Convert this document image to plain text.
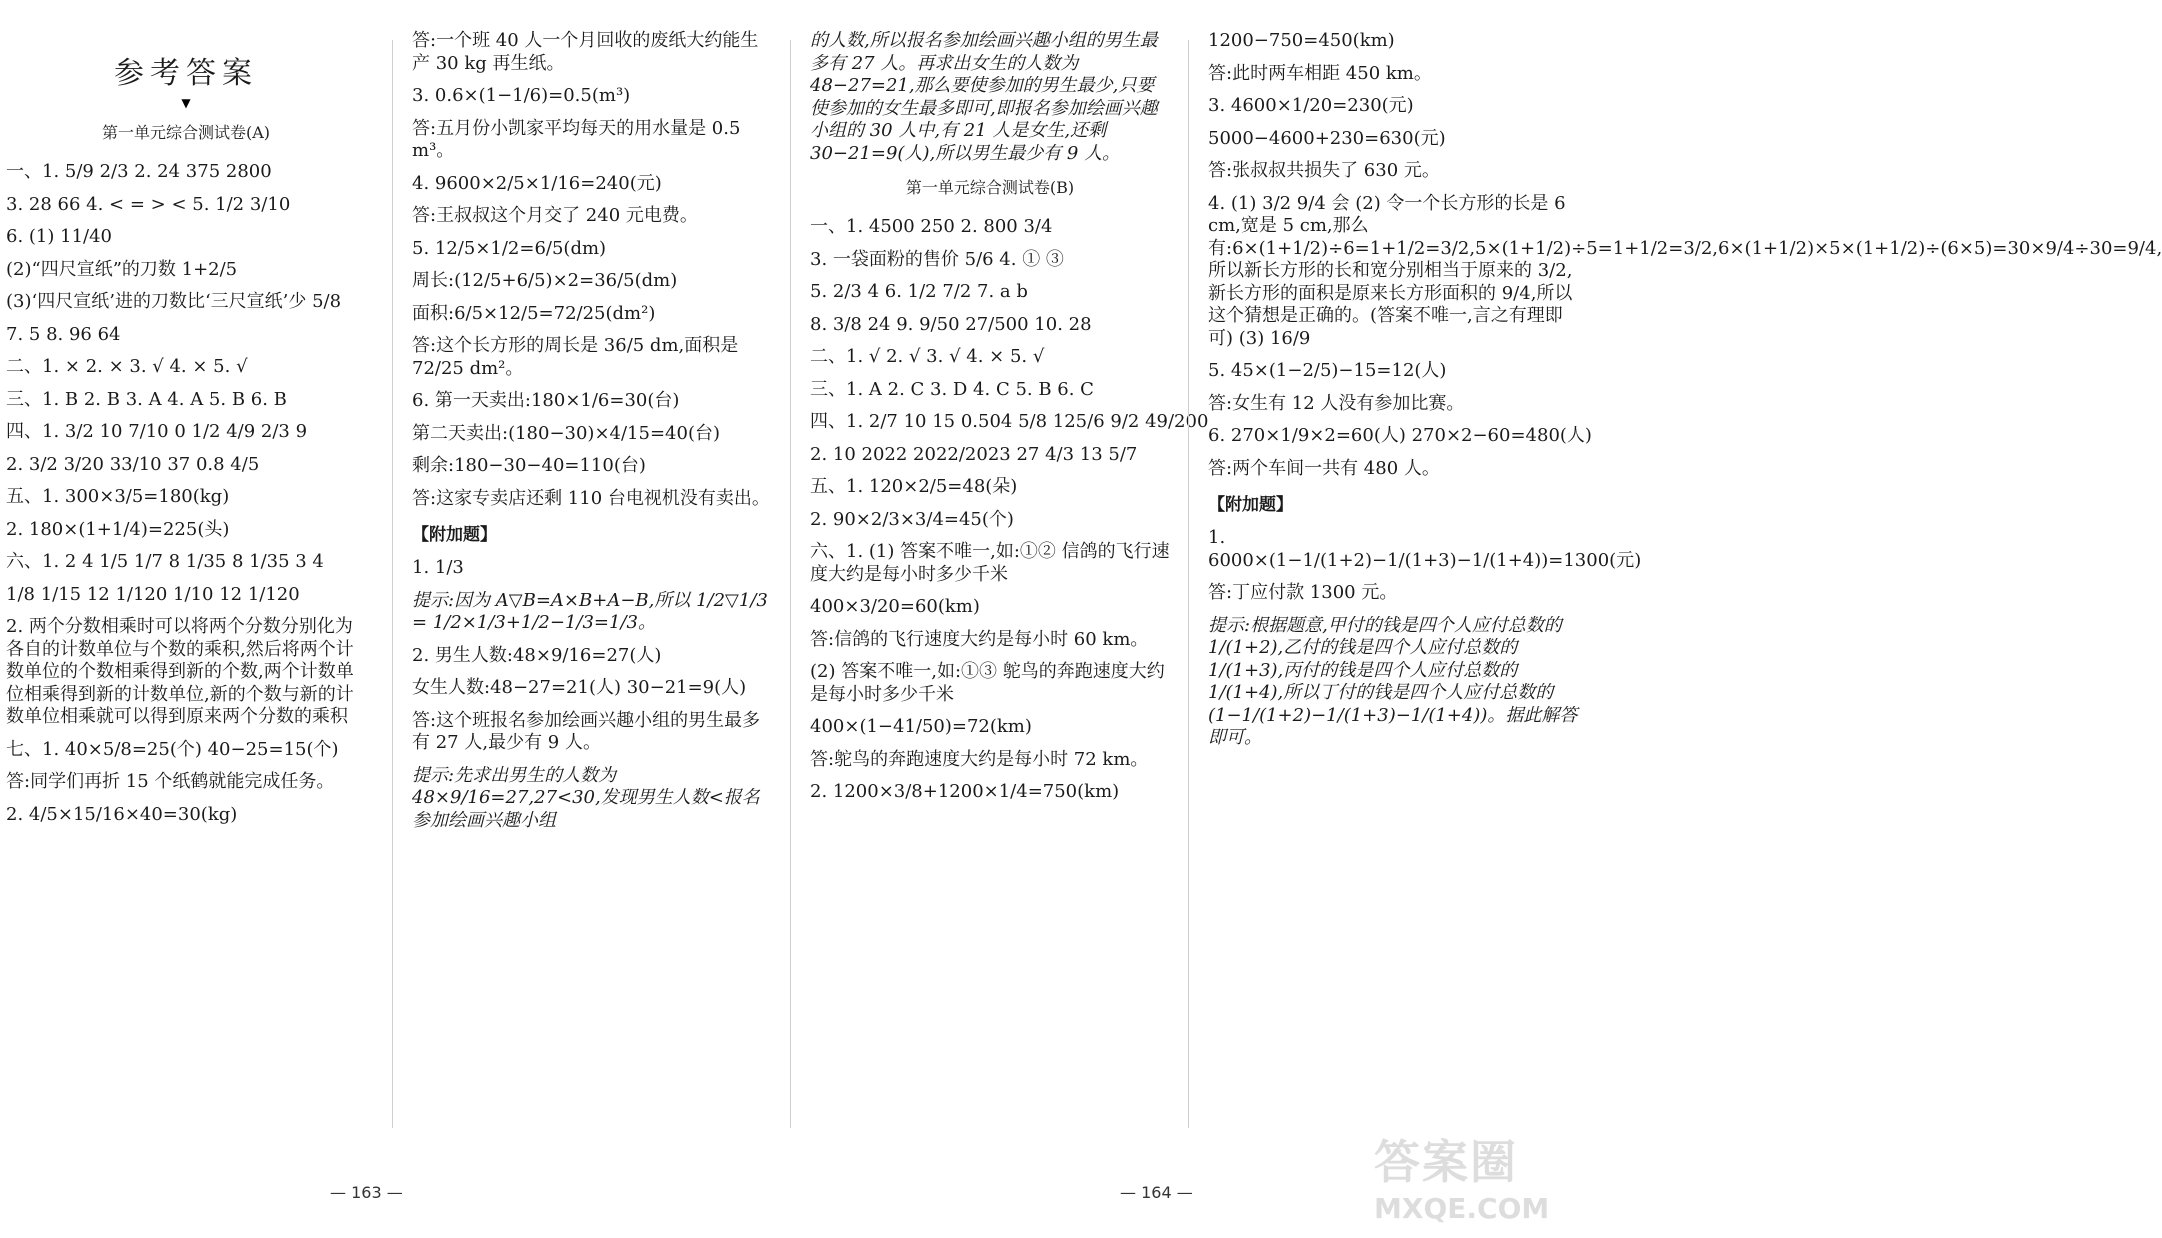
参考答案
▼
第一单元综合测试卷(A)
一、1. 5/9 2/3 2. 24 375 2800
3. 28 66 4. < = > < 5. 1/2 3/10
6. (1) 11/40
(2)“四尺宣纸”的刀数 1+2/5
(3)‘四尺宣纸’进的刀数比‘三尺宣纸’少 5/8
7. 5 8. 96 64
二、1. × 2. × 3. √ 4. × 5. √
三、1. B 2. B 3. A 4. A 5. B 6. B
四、1. 3/2 10 7/10 0 1/2 4/9 2/3 9
2. 3/2 3/20 33/10 37 0.8 4/5
五、1. 300×3/5=180(kg)
2. 180×(1+1/4)=225(头)
六、1. 2 4 1/5 1/7 8 1/35 8 1/35 3 4
1/8 1/15 12 1/120 1/10 12 1/120
2. 两个分数相乘时可以将两个分数分别化为各自的计数单位与个数的乘积,然后将两个计数单位的个数相乘得到新的个数,两个计数单位相乘得到新的计数单位,新的个数与新的计数单位相乘就可以得到原来两个分数的乘积
七、1. 40×5/8=25(个) 40−25=15(个)
答:同学们再折 15 个纸鹤就能完成任务。
2. 4/5×15/16×40=30(kg)
答:一个班 40 人一个月回收的废纸大约能生产 30 kg 再生纸。
3. 0.6×(1−1/6)=0.5(m³)
答:五月份小凯家平均每天的用水量是 0.5 m³。
4. 9600×2/5×1/16=240(元)
答:王叔叔这个月交了 240 元电费。
5. 12/5×1/2=6/5(dm)
周长:(12/5+6/5)×2=36/5(dm)
面积:6/5×12/5=72/25(dm²)
答:这个长方形的周长是 36/5 dm,面积是 72/25 dm²。
6. 第一天卖出:180×1/6=30(台)
第二天卖出:(180−30)×4/15=40(台)
剩余:180−30−40=110(台)
答:这家专卖店还剩 110 台电视机没有卖出。
【附加题】
1. 1/3
提示:因为 A▽B=A×B+A−B,所以 1/2▽1/3 = 1/2×1/3+1/2−1/3=1/3。
2. 男生人数:48×9/16=27(人)
女生人数:48−27=21(人) 30−21=9(人)
答:这个班报名参加绘画兴趣小组的男生最多有 27 人,最少有 9 人。
提示:先求出男生的人数为 48×9/16=27,27<30,发现男生人数<报名参加绘画兴趣小组
的人数,所以报名参加绘画兴趣小组的男生最多有 27 人。再求出女生的人数为 48−27=21,那么要使参加的男生最少,只要使参加的女生最多即可,即报名参加绘画兴趣小组的 30 人中,有 21 人是女生,还剩 30−21=9(人),所以男生最少有 9 人。
第一单元综合测试卷(B)
一、1. 4500 250 2. 800 3/4
3. 一袋面粉的售价 5/6 4. ① ③
5. 2/3 4 6. 1/2 7/2 7. a b
8. 3/8 24 9. 9/50 27/500 10. 28
二、1. √ 2. √ 3. √ 4. × 5. √
三、1. A 2. C 3. D 4. C 5. B 6. C
四、1. 2/7 10 15 0.504 5/8 125/6 9/2 49/200
2. 10 2022 2022/2023 27 4/3 13 5/7
五、1. 120×2/5=48(朵)
2. 90×2/3×3/4=45(个)
六、1. (1) 答案不唯一,如:①② 信鸽的飞行速度大约是每小时多少千米
400×3/20=60(km)
答:信鸽的飞行速度大约是每小时 60 km。
(2) 答案不唯一,如:①③ 鸵鸟的奔跑速度大约是每小时多少千米
400×(1−41/50)=72(km)
答:鸵鸟的奔跑速度大约是每小时 72 km。
2. 1200×3/8+1200×1/4=750(km)
1200−750=450(km)
答:此时两车相距 450 km。
3. 4600×1/20=230(元)
5000−4600+230=630(元)
答:张叔叔共损失了 630 元。
4. (1) 3/2 9/4 会 (2) 令一个长方形的长是 6 cm,宽是 5 cm,那么有:6×(1+1/2)÷6=1+1/2=3/2,5×(1+1/2)÷5=1+1/2=3/2,6×(1+1/2)×5×(1+1/2)÷(6×5)=30×9/4÷30=9/4,所以新长方形的长和宽分别相当于原来的 3/2,新长方形的面积是原来长方形面积的 9/4,所以这个猜想是正确的。(答案不唯一,言之有理即可) (3) 16/9
5. 45×(1−2/5)−15=12(人)
答:女生有 12 人没有参加比赛。
6. 270×1/9×2=60(人) 270×2−60=480(人)
答:两个车间一共有 480 人。
【附加题】
1. 6000×(1−1/(1+2)−1/(1+3)−1/(1+4))=1300(元)
答:丁应付款 1300 元。
提示:根据题意,甲付的钱是四个人应付总数的 1/(1+2),乙付的钱是四个人应付总数的 1/(1+3),丙付的钱是四个人应付总数的 1/(1+4),所以丁付的钱是四个人应付总数的 (1−1/(1+2)−1/(1+3)−1/(1+4))。据此解答即可。
— 163 —	— 164 —
答案圈
MXQE.COM
